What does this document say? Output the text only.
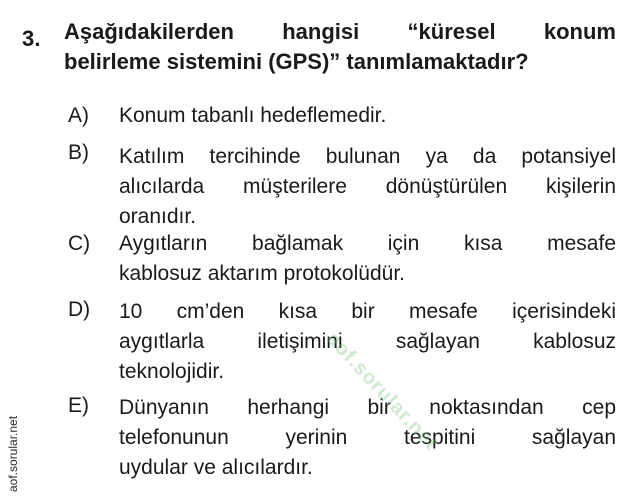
3. Aşağıdakilerden hangisi “küresel konum
belirleme sistemini (GPS)” tanımlamaktadır?
A) Konum tabanlı hedeflemedir.
B) Katılım tercihinde bulunan ya da potansiyel
alıcılarda müşterilere dönüştürülen kişilerin
oranıdır.
C) Aygıtların bağlamak için kısa mesafe
kablosuz aktarım protokolüdür.
D) 10 cm’den kısa bir mesafe içerisindeki
aygıtlarla iletişimini sağlayan kablosuz
teknolojidir.
E) Dünyanın herhangi bir noktasından cep
telefonunun yerinin tespitini sağlayan
uydular ve alıcılardır.
aof.sorular.net
aof.sorular.net
